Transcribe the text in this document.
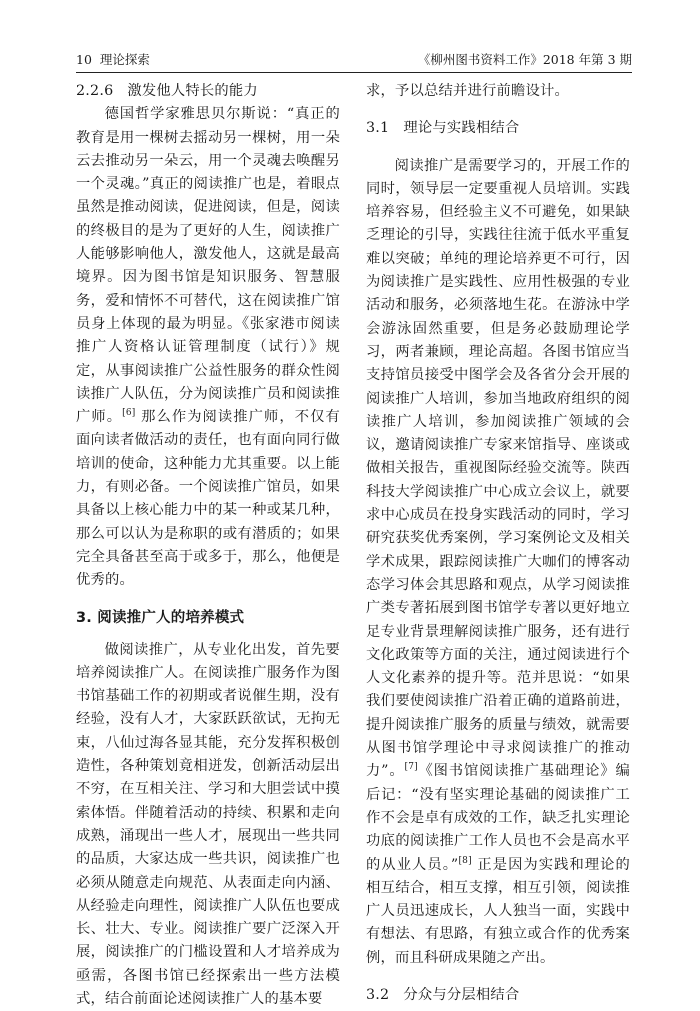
10 理论探索	《柳州图书资料工作》2018 年第 3 期
2.2.6 激发他人特长的能力

德国哲学家雅思贝尔斯说：“真正的教育是用一棵树去摇动另一棵树，用一朵云去推动另一朵云，用一个灵魂去唤醒另一个灵魂。”真正的阅读推广也是，着眼点虽然是推动阅读，促进阅读，但是，阅读的终极目的是为了更好的人生，阅读推广人能够影响他人，激发他人，这就是最高境界。因为图书馆是知识服务、智慧服务，爱和情怀不可替代，这在阅读推广馆员身上体现的最为明显。《张家港市阅读推广人资格认证管理制度（试行）》规定，从事阅读推广公益性服务的群众性阅读推广人队伍，分为阅读推广员和阅读推广师。[6] 那么作为阅读推广师，不仅有面向读者做活动的责任，也有面向同行做培训的使命，这种能力尤其重要。以上能力，有则必备。一个阅读推广馆员，如果具备以上核心能力中的某一种或某几种，那么可以认为是称职的或有潜质的；如果完全具备甚至高于或多于，那么，他便是优秀的。

3. 阅读推广人的培养模式

做阅读推广，从专业化出发，首先要培养阅读推广人。在阅读推广服务作为图书馆基础工作的初期或者说催生期，没有经验，没有人才，大家跃跃欲试，无拘无束，八仙过海各显其能，充分发挥积极创造性，各种策划竟相迸发，创新活动层出不穷，在互相关注、学习和大胆尝试中摸索体悟。伴随着活动的持续、积累和走向成熟，涌现出一些人才，展现出一些共同的品质，大家达成一些共识，阅读推广也必须从随意走向规范、从表面走向内涵、从经验走向理性，阅读推广人队伍也要成长、壮大、专业。阅读推广要广泛深入开展，阅读推广的门槛设置和人才培养成为亟需，各图书馆已经探索出一些方法模式，结合前面论述阅读推广人的基本要

求，予以总结并进行前瞻设计。

3.1 理论与实践相结合

阅读推广是需要学习的，开展工作的同时，领导层一定要重视人员培训。实践培养容易，但经验主义不可避免，如果缺乏理论的引导，实践往往流于低水平重复难以突破；单纯的理论培养更不可行，因为阅读推广是实践性、应用性极强的专业活动和服务，必须落地生花。在游泳中学会游泳固然重要，但是务必鼓励理论学习，两者兼顾，理论高超。各图书馆应当支持馆员接受中图学会及各省分会开展的阅读推广人培训，参加当地政府组织的阅读推广人培训，参加阅读推广领域的会议，邀请阅读推广专家来馆指导、座谈或做相关报告，重视图际经验交流等。陕西科技大学阅读推广中心成立会议上，就要求中心成员在投身实践活动的同时，学习研究获奖优秀案例，学习案例论文及相关学术成果，跟踪阅读推广大咖们的博客动态学习体会其思路和观点，从学习阅读推广类专著拓展到图书馆学专著以更好地立足专业背景理解阅读推广服务，还有进行文化政策等方面的关注，通过阅读进行个人文化素养的提升等。范并思说：“如果我们要使阅读推广沿着正确的道路前进，提升阅读推广服务的质量与绩效，就需要从图书馆学理论中寻求阅读推广的推动力”。[7]《图书馆阅读推广基础理论》编后记：“没有坚实理论基础的阅读推广工作不会是卓有成效的工作，缺乏扎实理论功底的阅读推广工作人员也不会是高水平的从业人员。”[8] 正是因为实践和理论的相互结合，相互支撑，相互引领，阅读推广人员迅速成长，人人独当一面，实践中有想法、有思路，有独立或合作的优秀案例，而且科研成果随之产出。

3.2 分众与分层相结合
